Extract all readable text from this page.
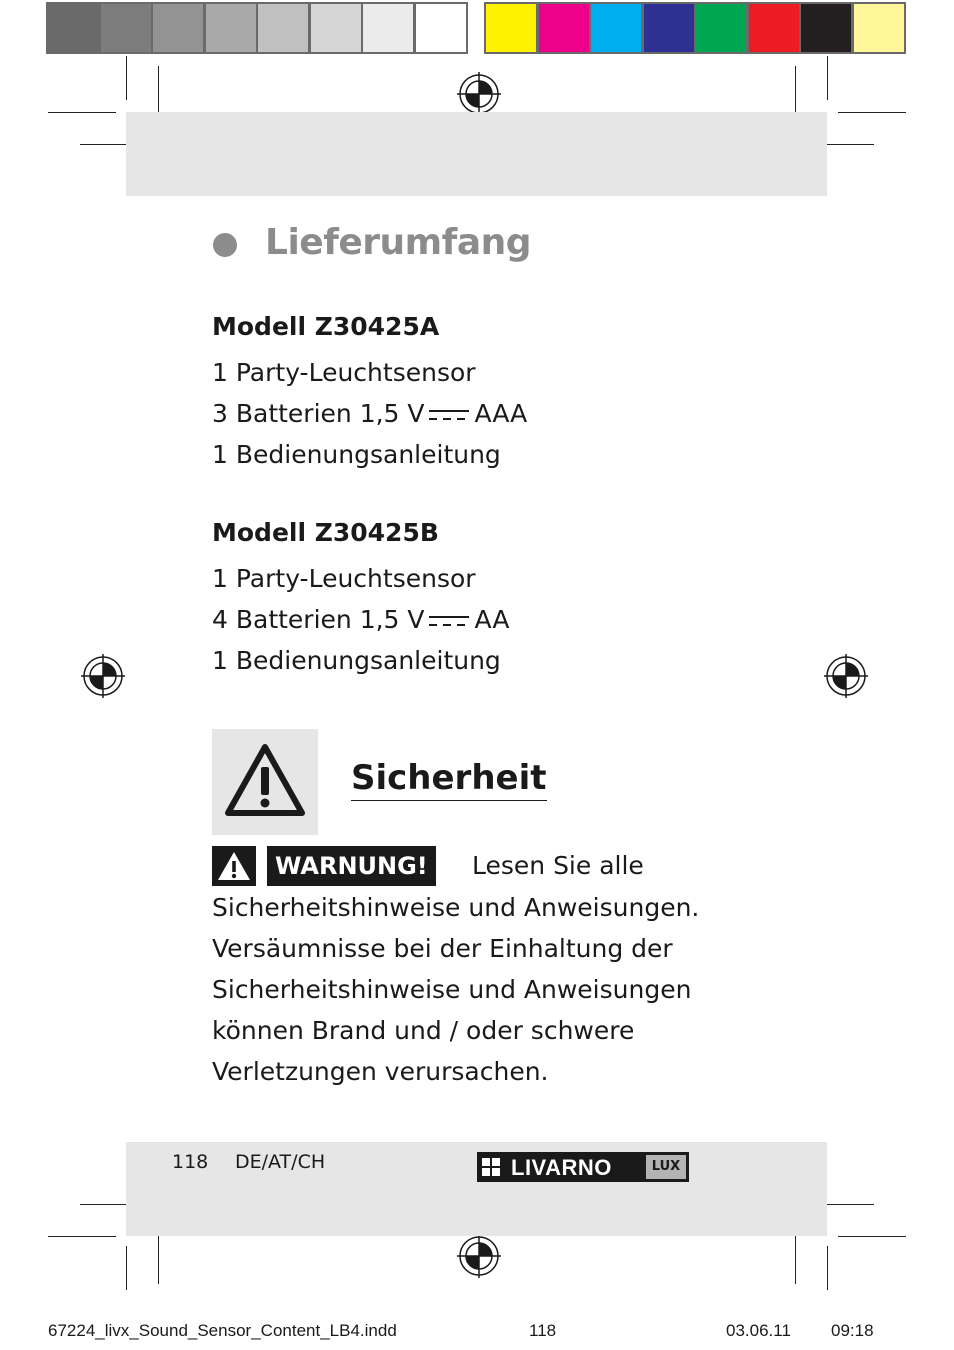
Lieferumfang
Modell Z30425A
1 Party-Leuchtsensor
3 Batterien 1,5 V AAA
1 Bedienungsanleitung
Modell Z30425B
1 Party-Leuchtsensor
4 Batterien 1,5 V AA
1 Bedienungsanleitung
Sicherheit
WARNUNG!	Lesen Sie alle
Sicherheitshinweise und Anweisungen.
Versäumnisse bei der Einhaltung der
Sicherheitshinweise und Anweisungen
können Brand und / oder schwere
Verletzungen verursachen.
118 DE/AT/CH	LIVARNO	LUX
67224_livx_Sound_Sensor_Content_LB4.indd	118	03.06.11 09:18
